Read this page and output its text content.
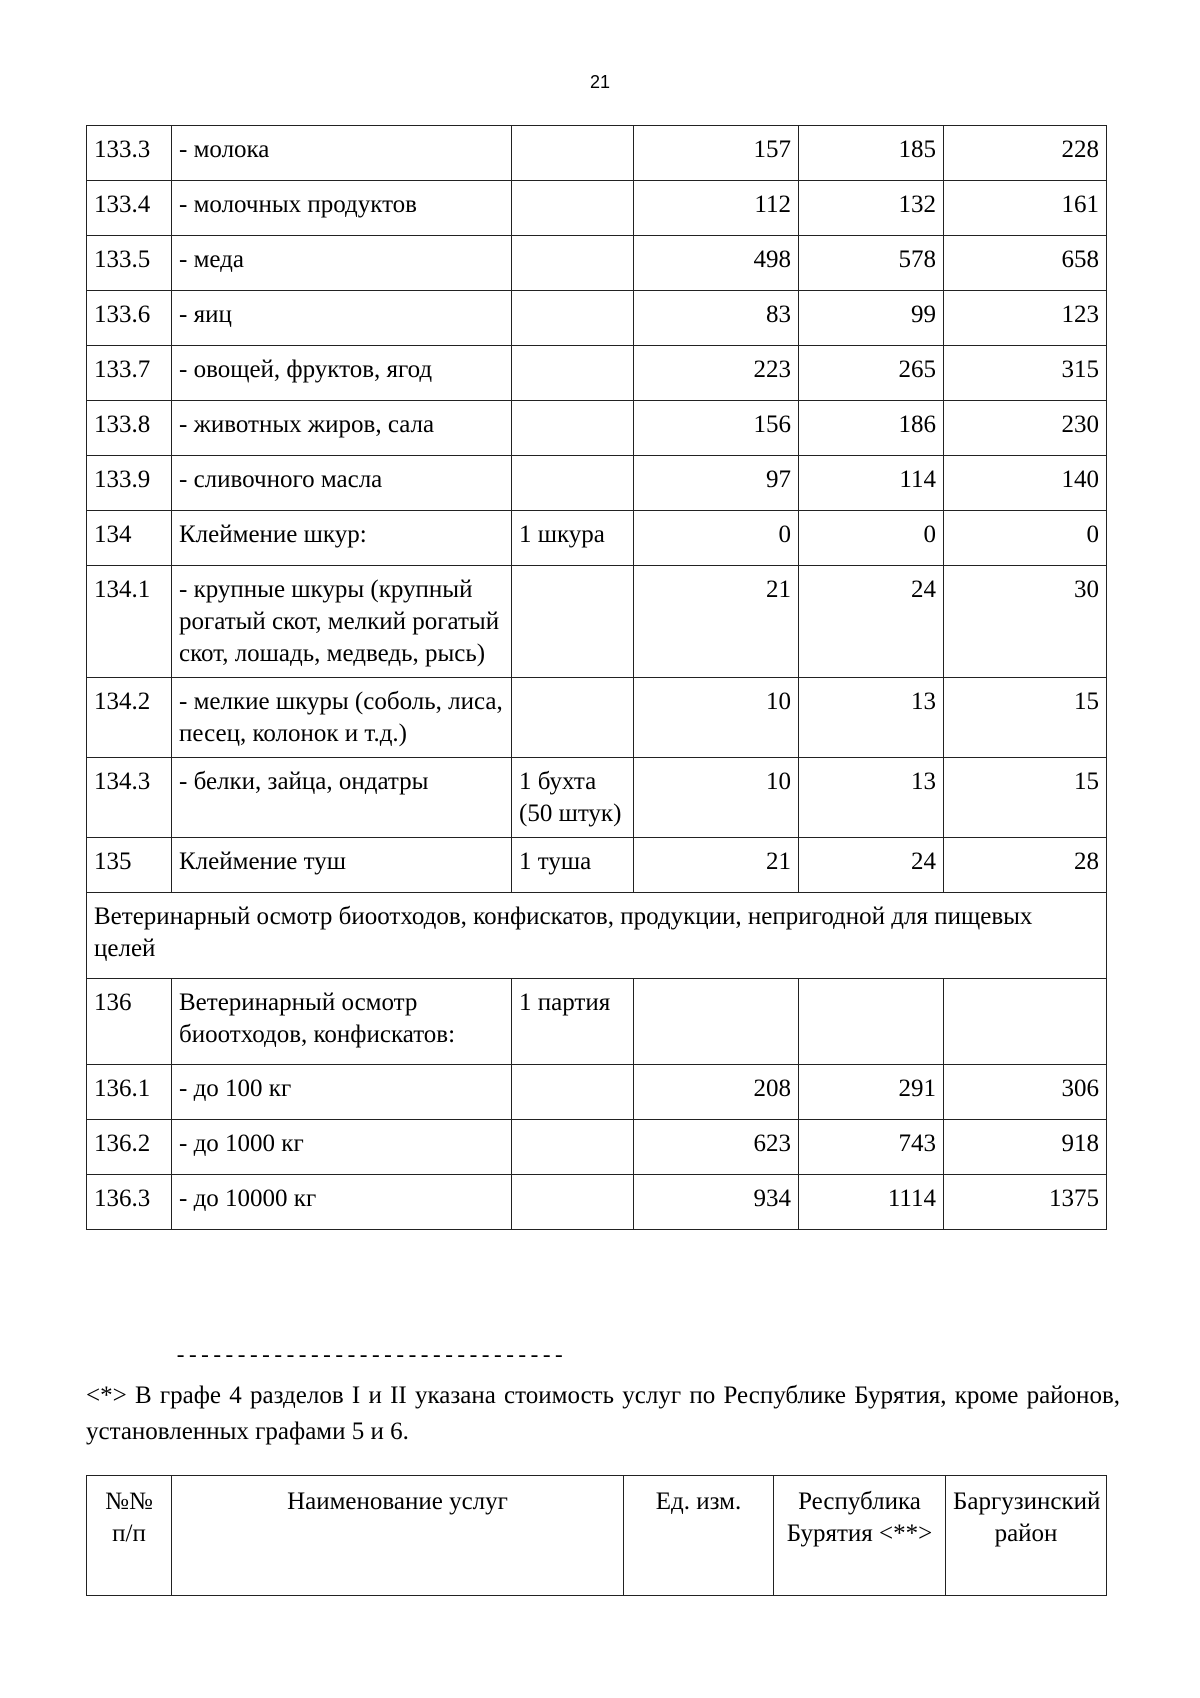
21
133.3	- молока		157	185	228
133.4	- молочных продуктов		112	132	161
133.5	- меда		498	578	658
133.6	- яиц		83	99	123
133.7	- овощей, фруктов, ягод		223	265	315
133.8	- животных жиров, сала		156	186	230
133.9	- сливочного масла		97	114	140
134	Клеймение шкур:	1 шкура	0	0	0
134.1	- крупные шкуры (крупный рогатый скот, мелкий рогатый скот, лошадь, медведь, рысь)		21	24	30
134.2	- мелкие шкуры (соболь, лиса, песец, колонок и т.д.)		10	13	15
134.3	- белки, зайца, ондатры	1 бухта (50 штук)	10	13	15
135	Клеймение туш	1 туша	21	24	28
Ветеринарный осмотр биоотходов, конфискатов, продукции, непригодной для пищевых целей					
136	Ветеринарный осмотр биоотходов, конфискатов:	1 партия			
136.1	- до 100 кг		208	291	306
136.2	- до 1000 кг		623	743	918
136.3	- до 10000 кг		934	1114	1375
--------------------------------
<*> В графе 4 разделов I и II указана стоимость услуг по Республике Бурятия, кроме районов, установленных графами 5 и 6.
№№ п/п	Наименование услуг	Ед. изм.	Республика Бурятия <**>	Баргузинский район
